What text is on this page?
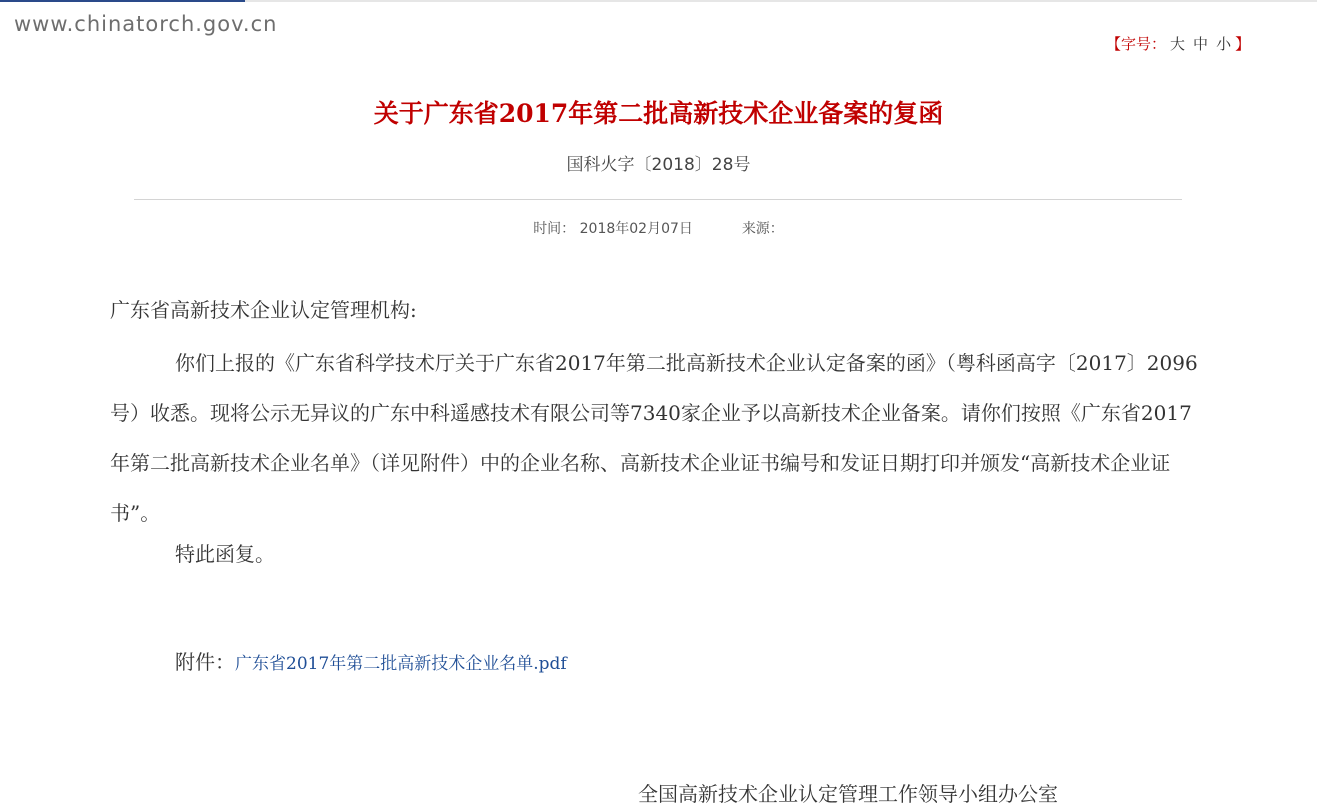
www.chinatorch.gov.cn
【字号： 大 中 小 】
关于广东省2017年第二批高新技术企业备案的复函
国科火字〔2018〕28号
时间： 2018年02月07日	来源：
广东省高新技术企业认定管理机构:
你们上报的《广东省科学技术厅关于广东省2017年第二批高新技术企业认定备案的函》（粤科函高字〔2017〕2096号）收悉。现将公示无异议的广东中科遥感技术有限公司等7340家企业予以高新技术企业备案。请你们按照《广东省2017年第二批高新技术企业名单》（详见附件）中的企业名称、高新技术企业证书编号和发证日期打印并颁发“高新技术企业证书”。
特此函复。
附件：广东省2017年第二批高新技术企业名单.pdf
全国高新技术企业认定管理工作领导小组办公室
